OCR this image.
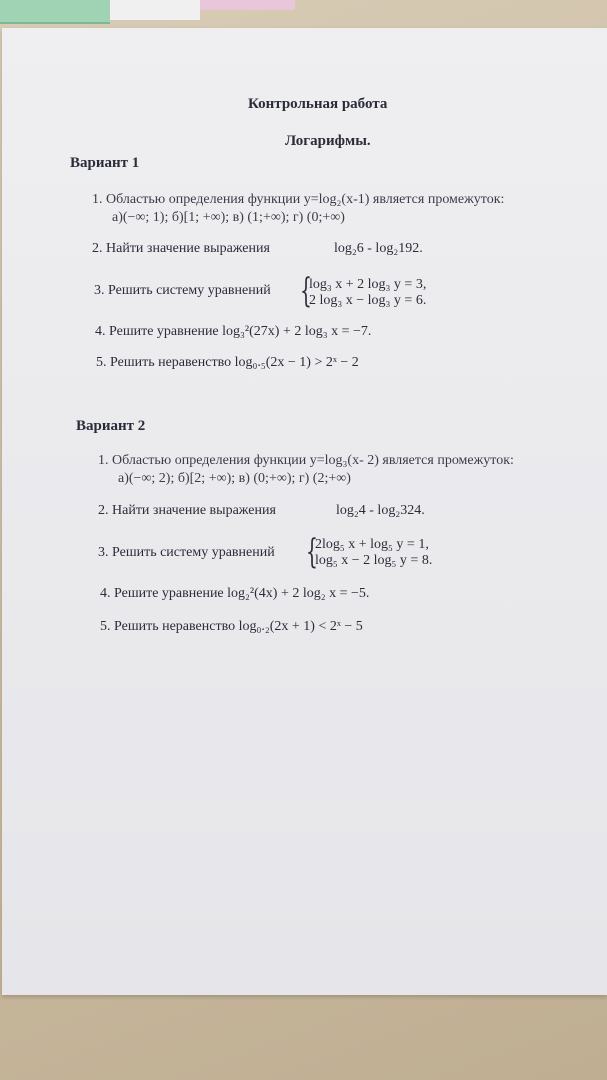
Контрольная работа
Логарифмы.
Вариант 1
1. Областью определения функции y=log₂(x-1) является промежуток:
а)(−∞; 1); б)[1; +∞); в) (1;+∞); г) (0;+∞)
2. Найти значение выражения	log₂6 - log₂192.
3. Решить систему уравнений {
log₃ x + 2 log₃ y = 3,
2 log₃ x − log₃ y = 6.
4. Решите уравнение log₃²(27x) + 2 log₃ x = −7.
5. Решить неравенство log₀.₅(2x − 1) > 2ˣ − 2
Вариант 2
1. Областью определения функции y=log₃(x- 2) является промежуток:
а)(−∞; 2); б)[2; +∞); в) (0;+∞); г) (2;+∞)
2. Найти значение выражения	log₂4 - log₂324.
3. Решить систему уравнений {
2log₅ x + log₅ y = 1,
log₅ x − 2 log₅ y = 8.
4. Решите уравнение log₂²(4x) + 2 log₂ x = −5.
5. Решить неравенство log₀.₂(2x + 1) < 2ˣ − 5
